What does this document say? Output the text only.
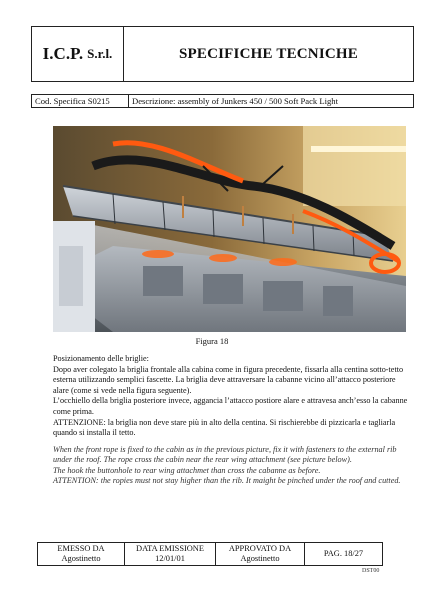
I.C.P. S.r.l.	SPECIFICHE TECNICHE
Cod. Specifica S0215	Descrizione: assembly of Junkers 450 / 500 Soft Pack Light
Figura 18

Posizionamento delle briglie:

Dopo aver colegato la briglia frontale alla cabina come in figura precedente, fissarla alla centina sotto-tetto esterna utilizzando semplici fascette. La briglia deve attraversare la cabanne vicino all’attacco posteriore alare (come si vede nella figura seguente).

L’occhiello della briglia posteriore invece, agganciа l’attacco postiore alare e attravesa anch’esso la cabanne come prima.

ATTENZIONE: la briglia non deve stare più in alto della centina. Si rischierebbe di pizzicarla e tagliarla quando si installa il tetto.

When the front rope is fixed to the cabin as in the previous picture, fix it with fasteners to the external rib under the roof. The rope cross the cabin near the rear wing attachment (see picture below).

The hook the buttonhole to rear wing attachmet than cross the cabanne as before.

ATTENTION: the ropies must not stay higher than the rib. It maight be pinched under the roof and cutted.

EMESSO DA
Agostinetto
DATA EMISSIONE
12/01/01
APPROVATO DA
Agostinetto
PAG. 18/27
DST00
